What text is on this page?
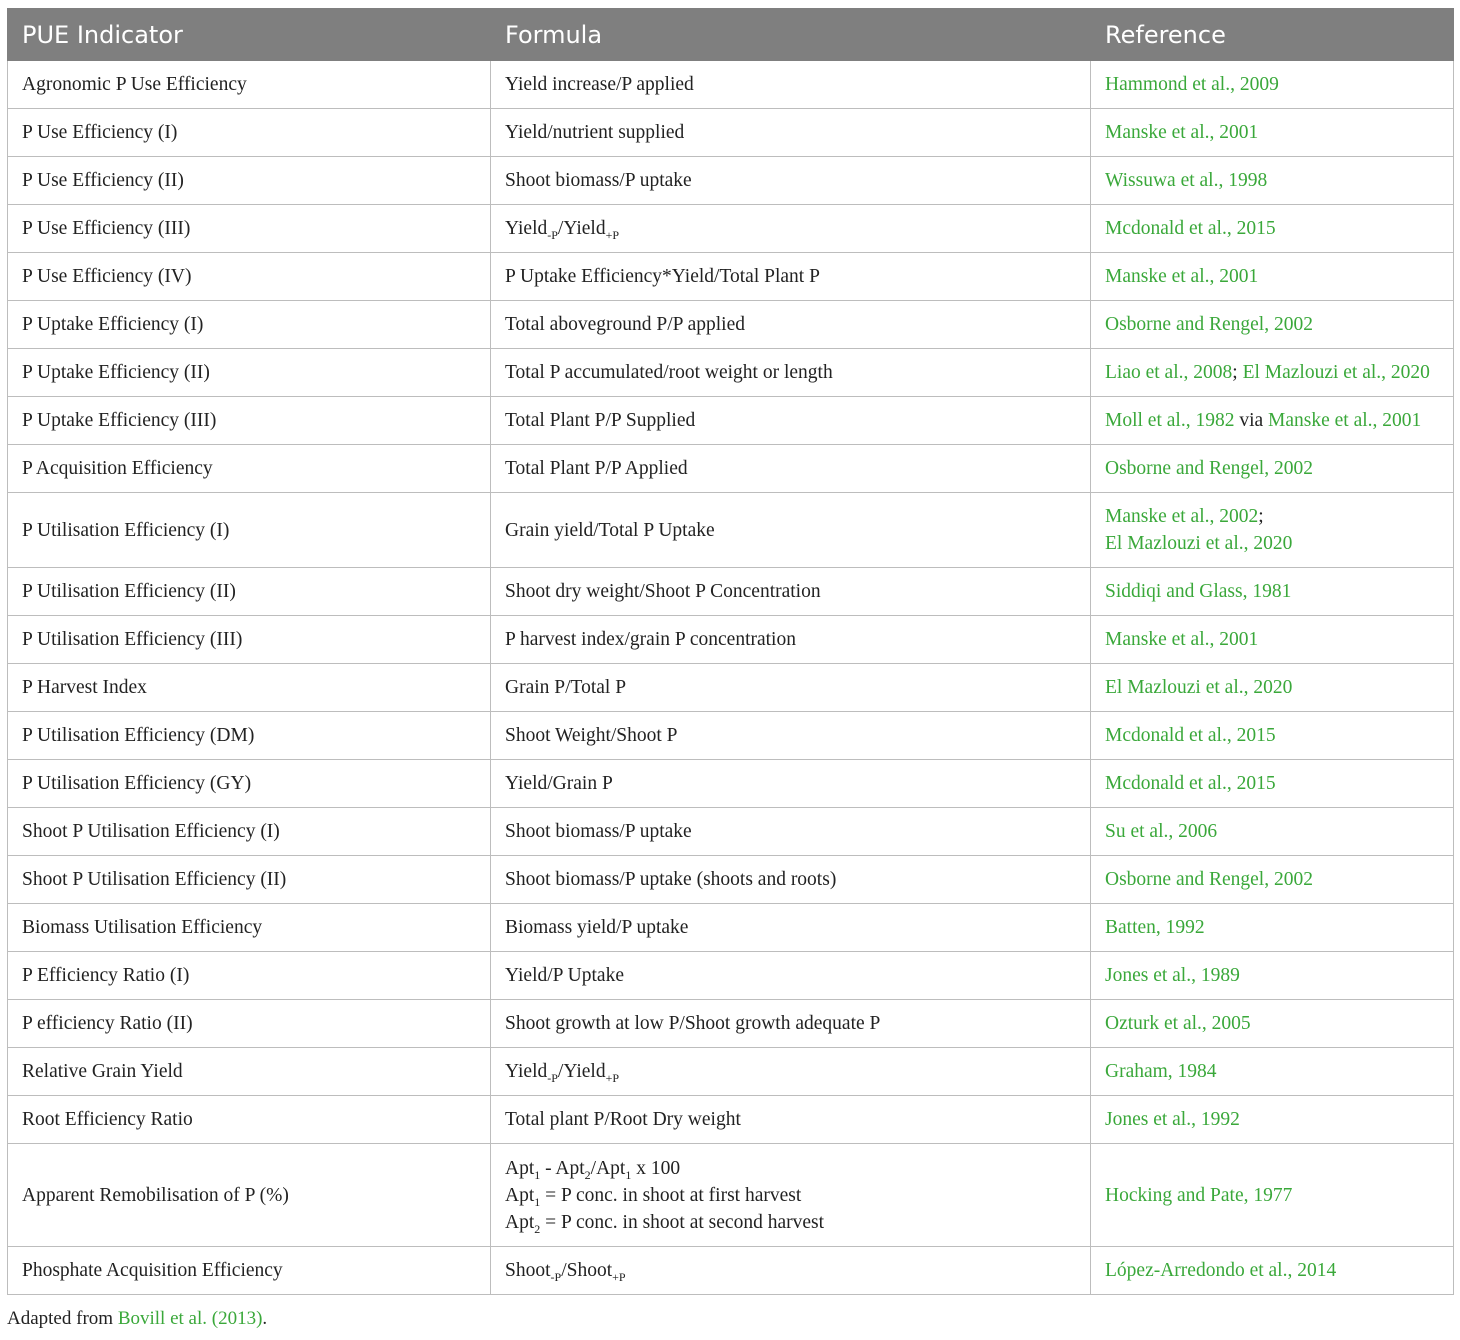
PUE Indicator	Formula	Reference
Agronomic P Use Efficiency	Yield increase/P applied	Hammond et al., 2009
P Use Efficiency (I)	Yield/nutrient supplied	Manske et al., 2001
P Use Efficiency (II)	Shoot biomass/P uptake	Wissuwa et al., 1998
P Use Efficiency (III)	Yield$_{-P}$/Yield$_{+P}$	Mcdonald et al., 2015
P Use Efficiency (IV)	P Uptake Efficiency*Yield/Total Plant P	Manske et al., 2001
P Uptake Efficiency (I)	Total aboveground P/P applied	Osborne and Rengel, 2002
P Uptake Efficiency (II)	Total P accumulated/root weight or length	Liao et al., 2008; El Mazlouzi et al., 2020
P Uptake Efficiency (III)	Total Plant P/P Supplied	Moll et al., 1982 via Manske et al., 2001
P Acquisition Efficiency	Total Plant P/P Applied	Osborne and Rengel, 2002
P Utilisation Efficiency (I)	Grain yield/Total P Uptake	Manske et al., 2002;
El Mazlouzi et al., 2020
P Utilisation Efficiency (II)	Shoot dry weight/Shoot P Concentration	Siddiqi and Glass, 1981
P Utilisation Efficiency (III)	P harvest index/grain P concentration	Manske et al., 2001
P Harvest Index	Grain P/Total P	El Mazlouzi et al., 2020
P Utilisation Efficiency (DM)	Shoot Weight/Shoot P	Mcdonald et al., 2015
P Utilisation Efficiency (GY)	Yield/Grain P	Mcdonald et al., 2015
Shoot P Utilisation Efficiency (I)	Shoot biomass/P uptake	Su et al., 2006
Shoot P Utilisation Efficiency (II)	Shoot biomass/P uptake (shoots and roots)	Osborne and Rengel, 2002
Biomass Utilisation Efficiency	Biomass yield/P uptake	Batten, 1992
P Efficiency Ratio (I)	Yield/P Uptake	Jones et al., 1989
P efficiency Ratio (II)	Shoot growth at low P/Shoot growth adequate P	Ozturk et al., 2005
Relative Grain Yield	Yield$_{-P}$/Yield$_{+P}$	Graham, 1984
Root Efficiency Ratio	Total plant P/Root Dry weight	Jones et al., 1992
Apparent Remobilisation of P (%)	Apt$_1$ - Apt$_2$/Apt$_1$ x 100
Apt$_1$ = P conc. in shoot at first harvest
Apt$_2$ = P conc. in shoot at second harvest	Hocking and Pate, 1977
Phosphate Acquisition Efficiency	Shoot$_{-P}$/Shoot$_{+P}$	López-Arredondo et al., 2014
Adapted from Bovill et al. (2013).
